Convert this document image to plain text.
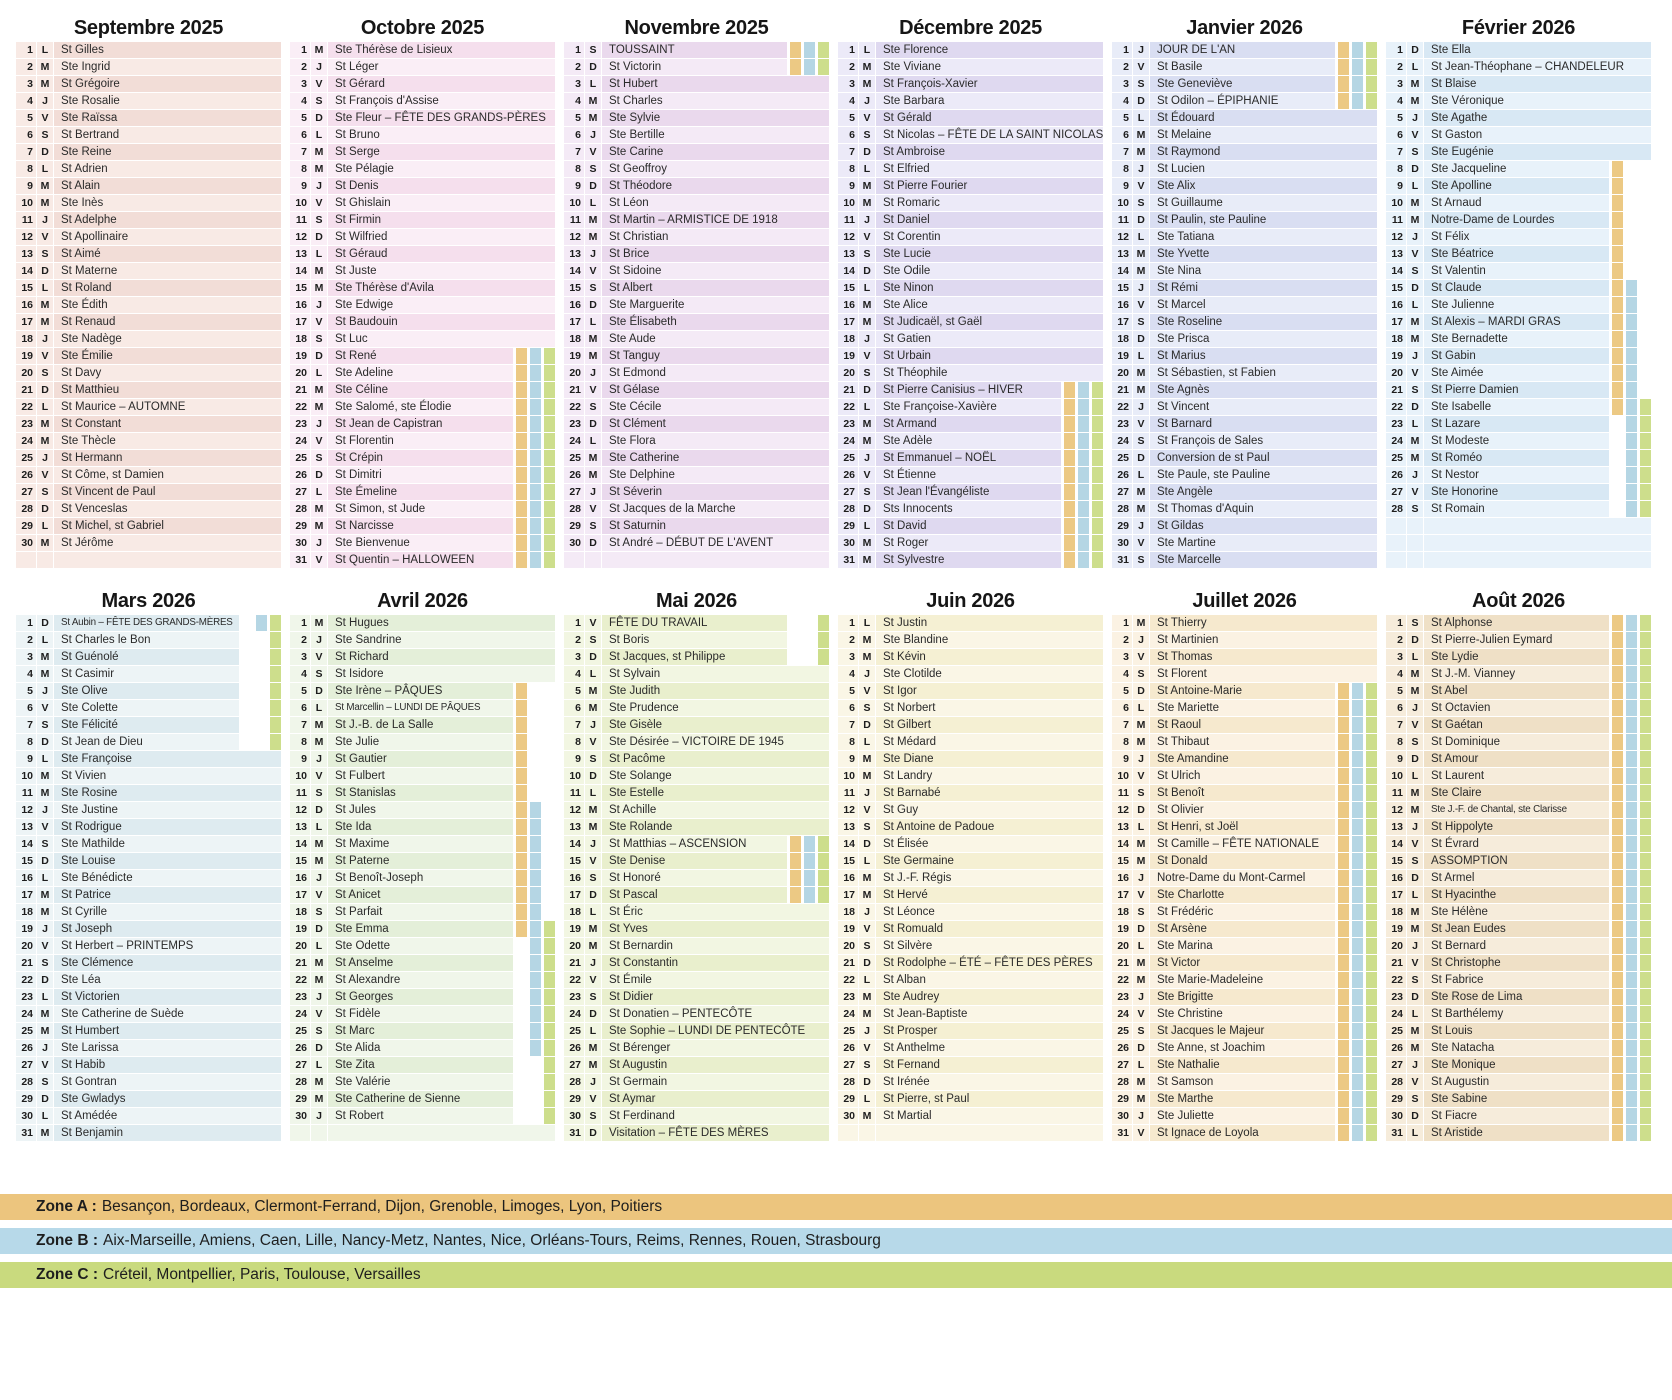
Septembre 2025
1 L	St Gilles
2 M	Ste Ingrid
3 M	St Grégoire
4 J	Ste Rosalie
5 V	Ste Raïssa
6 S	St Bertrand
7 D	Ste Reine
8 L	St Adrien
9 M	St Alain
10 M	Ste Inès
11 J	St Adelphe
12 V	St Apollinaire
13 S	St Aimé
14 D	St Materne
15 L	St Roland
16 M	Ste Édith
17 M	St Renaud
18 J	Ste Nadège
19 V	Ste Émilie
20 S	St Davy
21 D	St Matthieu
22 L	St Maurice – AUTOMNE
23 M	St Constant
24 M	Ste Thècle
25 J	St Hermann
26 V	St Côme, st Damien
27 S	St Vincent de Paul
28 D	St Venceslas
29 L	St Michel, st Gabriel
30 M	St Jérôme
Octobre 2025
1 M	Ste Thérèse de Lisieux
2 J	St Léger
3 V	St Gérard
4 S	St François d'Assise
5 D	Ste Fleur – FÊTE DES GRANDS-PÈRES
6 L	St Bruno
7 M	St Serge
8 M	Ste Pélagie
9 J	St Denis
10 V	St Ghislain
11 S	St Firmin
12 D	St Wilfried
13 L	St Géraud
14 M	St Juste
15 M	Ste Thérèse d'Avila
16 J	Ste Edwige
17 V	St Baudouin
18 S	St Luc
19 D	St René
20 L	Ste Adeline
21 M	Ste Céline
22 M	Ste Salomé, ste Élodie
23 J	St Jean de Capistran
24 V	St Florentin
25 S	St Crépin
26 D	St Dimitri
27 L	Ste Émeline
28 M	St Simon, st Jude
29 M	St Narcisse
30 J	Ste Bienvenue
31 V	St Quentin – HALLOWEEN
Novembre 2025
1 S	TOUSSAINT
2 D	St Victorin
3 L	St Hubert
4 M	St Charles
5 M	Ste Sylvie
6 J	Ste Bertille
7 V	Ste Carine
8 S	St Geoffroy
9 D	St Théodore
10 L	St Léon
11 M	St Martin – ARMISTICE DE 1918
12 M	St Christian
13 J	St Brice
14 V	St Sidoine
15 S	St Albert
16 D	Ste Marguerite
17 L	Ste Élisabeth
18 M	Ste Aude
19 M	St Tanguy
20 J	St Edmond
21 V	St Gélase
22 S	Ste Cécile
23 D	St Clément
24 L	Ste Flora
25 M	Ste Catherine
26 M	Ste Delphine
27 J	St Séverin
28 V	St Jacques de la Marche
29 S	St Saturnin
30 D	St André – DÉBUT DE L'AVENT
Décembre 2025
1 L	Ste Florence
2 M	Ste Viviane
3 M	St François-Xavier
4 J	Ste Barbara
5 V	St Gérald
6 S	St Nicolas – FÊTE DE LA SAINT NICOLAS
7 D	St Ambroise
8 L	St Elfried
9 M	St Pierre Fourier
10 M	St Romaric
11 J	St Daniel
12 V	St Corentin
13 S	Ste Lucie
14 D	Ste Odile
15 L	Ste Ninon
16 M	Ste Alice
17 M	St Judicaël, st Gaël
18 J	St Gatien
19 V	St Urbain
20 S	St Théophile
21 D	St Pierre Canisius – HIVER
22 L	Ste Françoise-Xavière
23 M	St Armand
24 M	Ste Adèle
25 J	St Emmanuel – NOËL
26 V	St Étienne
27 S	St Jean l'Évangéliste
28 D	Sts Innocents
29 L	St David
30 M	St Roger
31 M	St Sylvestre
Janvier 2026
1 J	JOUR DE L'AN
2 V	St Basile
3 S	Ste Geneviève
4 D	St Odilon – ÉPIPHANIE
5 L	St Édouard
6 M	St Melaine
7 M	St Raymond
8 J	St Lucien
9 V	Ste Alix
10 S	St Guillaume
11 D	St Paulin, ste Pauline
12 L	Ste Tatiana
13 M	Ste Yvette
14 M	Ste Nina
15 J	St Rémi
16 V	St Marcel
17 S	Ste Roseline
18 D	Ste Prisca
19 L	St Marius
20 M	St Sébastien, st Fabien
21 M	Ste Agnès
22 J	St Vincent
23 V	St Barnard
24 S	St François de Sales
25 D	Conversion de st Paul
26 L	Ste Paule, ste Pauline
27 M	Ste Angèle
28 M	St Thomas d'Aquin
29 J	St Gildas
30 V	Ste Martine
31 S	Ste Marcelle
Février 2026
1 D	Ste Ella
2 L	St Jean-Théophane – CHANDELEUR
3 M	St Blaise
4 M	Ste Véronique
5 J	Ste Agathe
6 V	St Gaston
7 S	Ste Eugénie
8 D	Ste Jacqueline
9 L	Ste Apolline
10 M	St Arnaud
11 M	Notre-Dame de Lourdes
12 J	St Félix
13 V	Ste Béatrice
14 S	St Valentin
15 D	St Claude
16 L	Ste Julienne
17 M	St Alexis – MARDI GRAS
18 M	Ste Bernadette
19 J	St Gabin
20 V	Ste Aimée
21 S	St Pierre Damien
22 D	Ste Isabelle
23 L	St Lazare
24 M	St Modeste
25 M	St Roméo
26 J	St Nestor
27 V	Ste Honorine
28 S	St Romain
Mars 2026
1 D	St Aubin – FÊTE DES GRANDS-MÈRES
2 L	St Charles le Bon
3 M	St Guénolé
4 M	St Casimir
5 J	Ste Olive
6 V	Ste Colette
7 S	Ste Félicité
8 D	St Jean de Dieu
9 L	Ste Françoise
10 M	St Vivien
11 M	Ste Rosine
12 J	Ste Justine
13 V	St Rodrigue
14 S	Ste Mathilde
15 D	Ste Louise
16 L	Ste Bénédicte
17 M	St Patrice
18 M	St Cyrille
19 J	St Joseph
20 V	St Herbert – PRINTEMPS
21 S	Ste Clémence
22 D	Ste Léa
23 L	St Victorien
24 M	Ste Catherine de Suède
25 M	St Humbert
26 J	Ste Larissa
27 V	St Habib
28 S	St Gontran
29 D	Ste Gwladys
30 L	St Amédée
31 M	St Benjamin
Avril 2026
1 M	St Hugues
2 J	Ste Sandrine
3 V	St Richard
4 S	St Isidore
5 D	Ste Irène – PÂQUES
6 L	St Marcellin – LUNDI DE PÂQUES
7 M	St J.-B. de La Salle
8 M	Ste Julie
9 J	St Gautier
10 V	St Fulbert
11 S	St Stanislas
12 D	St Jules
13 L	Ste Ida
14 M	St Maxime
15 M	St Paterne
16 J	St Benoît-Joseph
17 V	St Anicet
18 S	St Parfait
19 D	Ste Emma
20 L	Ste Odette
21 M	St Anselme
22 M	St Alexandre
23 J	St Georges
24 V	St Fidèle
25 S	St Marc
26 D	Ste Alida
27 L	Ste Zita
28 M	Ste Valérie
29 M	Ste Catherine de Sienne
30 J	St Robert
Mai 2026
1 V	FÊTE DU TRAVAIL
2 S	St Boris
3 D	St Jacques, st Philippe
4 L	St Sylvain
5 M	Ste Judith
6 M	Ste Prudence
7 J	Ste Gisèle
8 V	Ste Désirée – VICTOIRE DE 1945
9 S	St Pacôme
10 D	Ste Solange
11 L	Ste Estelle
12 M	St Achille
13 M	Ste Rolande
14 J	St Matthias – ASCENSION
15 V	Ste Denise
16 S	St Honoré
17 D	St Pascal
18 L	St Éric
19 M	St Yves
20 M	St Bernardin
21 J	St Constantin
22 V	St Émile
23 S	St Didier
24 D	St Donatien – PENTECÔTE
25 L	Ste Sophie – LUNDI DE PENTECÔTE
26 M	St Bérenger
27 M	St Augustin
28 J	St Germain
29 V	St Aymar
30 S	St Ferdinand
31 D	Visitation – FÊTE DES MÈRES
Juin 2026
1 L	St Justin
2 M	Ste Blandine
3 M	St Kévin
4 J	Ste Clotilde
5 V	St Igor
6 S	St Norbert
7 D	St Gilbert
8 L	St Médard
9 M	Ste Diane
10 M	St Landry
11 J	St Barnabé
12 V	St Guy
13 S	St Antoine de Padoue
14 D	St Élisée
15 L	Ste Germaine
16 M	St J.-F. Régis
17 M	St Hervé
18 J	St Léonce
19 V	St Romuald
20 S	St Silvère
21 D	St Rodolphe – ÉTÉ – FÊTE DES PÈRES
22 L	St Alban
23 M	Ste Audrey
24 M	St Jean-Baptiste
25 J	St Prosper
26 V	St Anthelme
27 S	St Fernand
28 D	St Irénée
29 L	St Pierre, st Paul
30 M	St Martial
Juillet 2026
1 M	St Thierry
2 J	St Martinien
3 V	St Thomas
4 S	St Florent
5 D	St Antoine-Marie
6 L	Ste Mariette
7 M	St Raoul
8 M	St Thibaut
9 J	Ste Amandine
10 V	St Ulrich
11 S	St Benoît
12 D	St Olivier
13 L	St Henri, st Joël
14 M	St Camille – FÊTE NATIONALE
15 M	St Donald
16 J	Notre-Dame du Mont-Carmel
17 V	Ste Charlotte
18 S	St Frédéric
19 D	St Arsène
20 L	Ste Marina
21 M	St Victor
22 M	Ste Marie-Madeleine
23 J	Ste Brigitte
24 V	Ste Christine
25 S	St Jacques le Majeur
26 D	Ste Anne, st Joachim
27 L	Ste Nathalie
28 M	St Samson
29 M	Ste Marthe
30 J	Ste Juliette
31 V	St Ignace de Loyola
Août 2026
1 S	St Alphonse
2 D	St Pierre-Julien Eymard
3 L	Ste Lydie
4 M	St J.-M. Vianney
5 M	St Abel
6 J	St Octavien
7 V	St Gaétan
8 S	St Dominique
9 D	St Amour
10 L	St Laurent
11 M	Ste Claire
12 M	Ste J.-F. de Chantal, ste Clarisse
13 J	St Hippolyte
14 V	St Évrard
15 S	ASSOMPTION
16 D	St Armel
17 L	St Hyacinthe
18 M	Ste Hélène
19 M	St Jean Eudes
20 J	St Bernard
21 V	St Christophe
22 S	St Fabrice
23 D	Ste Rose de Lima
24 L	St Barthélemy
25 M	St Louis
26 M	Ste Natacha
27 J	Ste Monique
28 V	St Augustin
29 S	Ste Sabine
30 D	St Fiacre
31 L	St Aristide
Zone A : Besançon, Bordeaux, Clermont-Ferrand, Dijon, Grenoble, Limoges, Lyon, Poitiers
Zone B : Aix-Marseille, Amiens, Caen, Lille, Nancy-Metz, Nantes, Nice, Orléans-Tours, Reims, Rennes, Rouen, Strasbourg
Zone C : Créteil, Montpellier, Paris, Toulouse, Versailles
